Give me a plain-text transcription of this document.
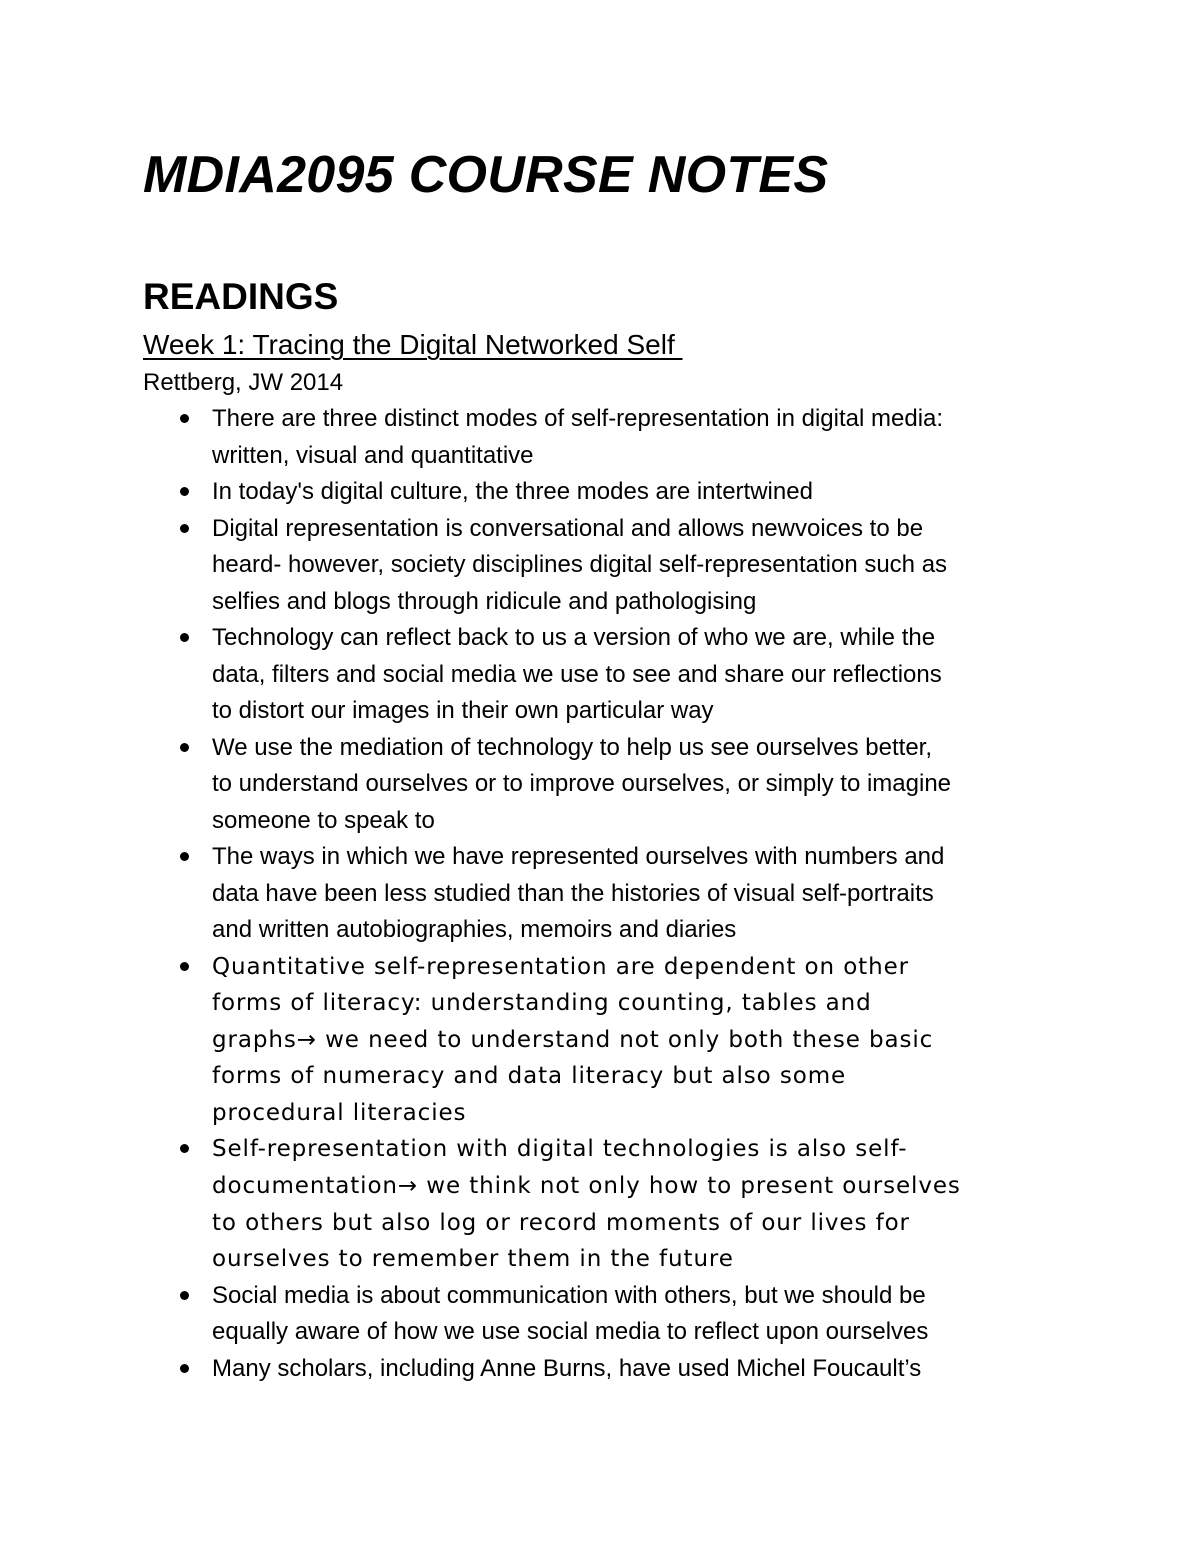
MDIA2095 COURSE NOTES
READINGS
Week 1: Tracing the Digital Networked Self

Rettberg, JW 2014

There are three distinct modes of self-representation in digital media:
written, visual and quantitative
In today's digital culture, the three modes are intertwined
Digital representation is conversational and allows newvoices to be
heard- however, society disciplines digital self-representation such as
selfies and blogs through ridicule and pathologising
Technology can reflect back to us a version of who we are, while the
data, filters and social media we use to see and share our reflections
to distort our images in their own particular way
We use the mediation of technology to help us see ourselves better,
to understand ourselves or to improve ourselves, or simply to imagine
someone to speak to
The ways in which we have represented ourselves with numbers and
data have been less studied than the histories of visual self-portraits
and written autobiographies, memoirs and diaries
Quantitative self-representation are dependent on other
forms of literacy: understanding counting, tables and
graphs→ we need to understand not only both these basic
forms of numeracy and data literacy but also some
procedural literacies
Self-representation with digital technologies is also self-
documentation→ we think not only how to present ourselves
to others but also log or record moments of our lives for
ourselves to remember them in the future
Social media is about communication with others, but we should be
equally aware of how we use social media to reflect upon ourselves
Many scholars, including Anne Burns, have used Michel Foucault’s
